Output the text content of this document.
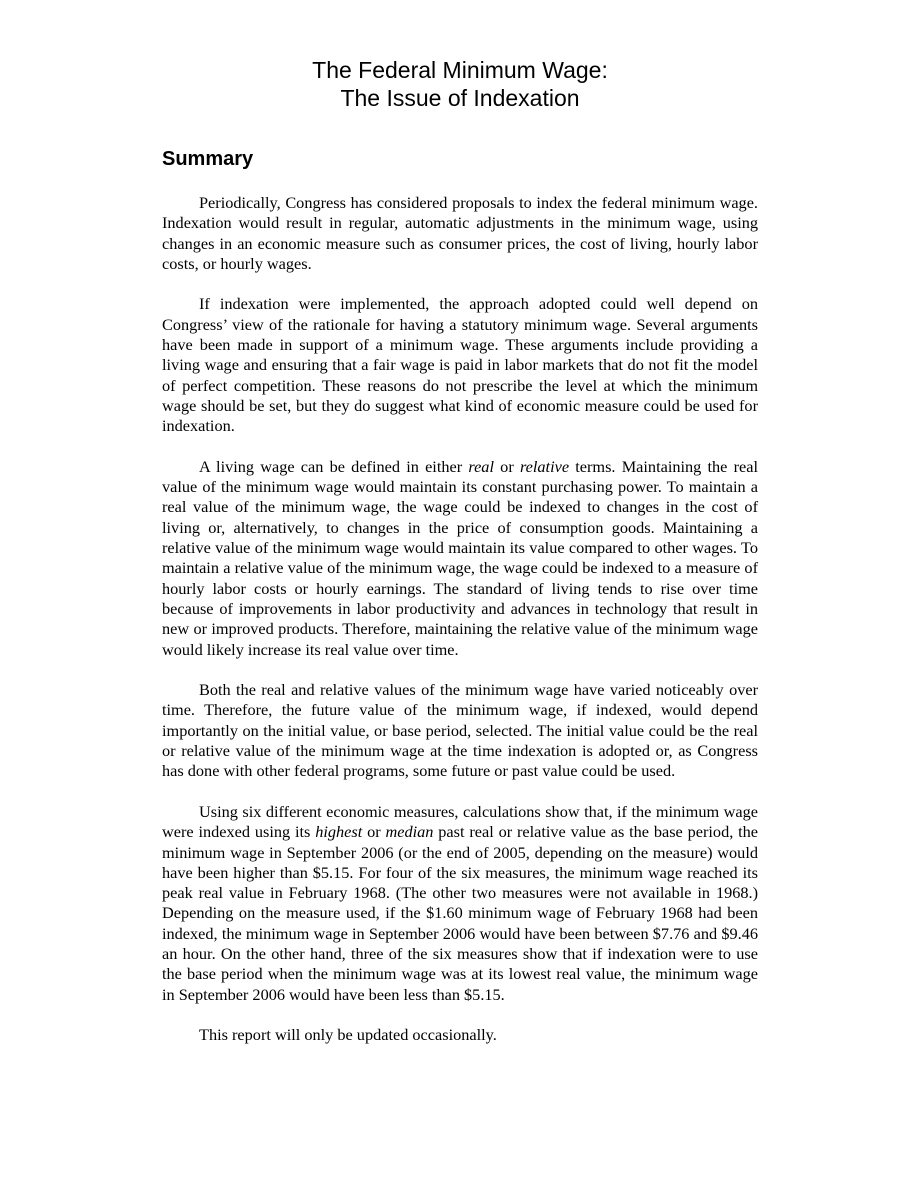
The Federal Minimum Wage:
The Issue of Indexation
Summary

Periodically, Congress has considered proposals to index the federal minimum wage. Indexation would result in regular, automatic adjustments in the minimum wage, using changes in an economic measure such as consumer prices, the cost of living, hourly labor costs, or hourly wages.

If indexation were implemented, the approach adopted could well depend on Congress’ view of the rationale for having a statutory minimum wage. Several arguments have been made in support of a minimum wage. These arguments include providing a living wage and ensuring that a fair wage is paid in labor markets that do not fit the model of perfect competition. These reasons do not prescribe the level at which the minimum wage should be set, but they do suggest what kind of economic measure could be used for indexation.

A living wage can be defined in either real or relative terms. Maintaining the real value of the minimum wage would maintain its constant purchasing power. To maintain a real value of the minimum wage, the wage could be indexed to changes in the cost of living or, alternatively, to changes in the price of consumption goods. Maintaining a relative value of the minimum wage would maintain its value compared to other wages. To maintain a relative value of the minimum wage, the wage could be indexed to a measure of hourly labor costs or hourly earnings. The standard of living tends to rise over time because of improvements in labor productivity and advances in technology that result in new or improved products. Therefore, maintaining the relative value of the minimum wage would likely increase its real value over time.

Both the real and relative values of the minimum wage have varied noticeably over time. Therefore, the future value of the minimum wage, if indexed, would depend importantly on the initial value, or base period, selected. The initial value could be the real or relative value of the minimum wage at the time indexation is adopted or, as Congress has done with other federal programs, some future or past value could be used.

Using six different economic measures, calculations show that, if the minimum wage were indexed using its highest or median past real or relative value as the base period, the minimum wage in September 2006 (or the end of 2005, depending on the measure) would have been higher than $5.15. For four of the six measures, the minimum wage reached its peak real value in February 1968. (The other two measures were not available in 1968.) Depending on the measure used, if the $1.60 minimum wage of February 1968 had been indexed, the minimum wage in September 2006 would have been between $7.76 and $9.46 an hour. On the other hand, three of the six measures show that if indexation were to use the base period when the minimum wage was at its lowest real value, the minimum wage in September 2006 would have been less than $5.15.

This report will only be updated occasionally.
